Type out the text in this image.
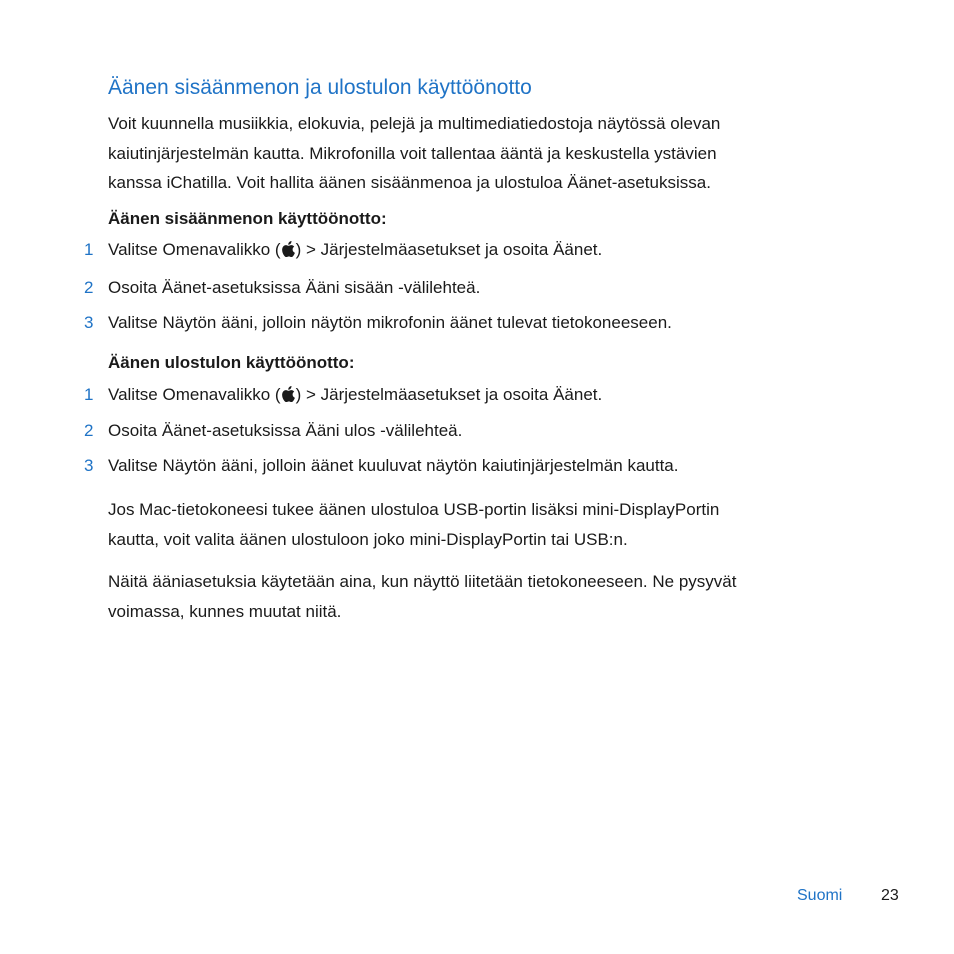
Äänen sisäänmenon ja ulostulon käyttöönotto

Voit kuunnella musiikkia, elokuvia, pelejä ja multimediatiedostoja näytössä olevan
kaiutinjärjestelmän kautta. Mikrofonilla voit tallentaa ääntä ja keskustella ystävien
kanssa iChatilla. Voit hallita äänen sisäänmenoa ja ulostuloa Äänet-asetuksissa.

Äänen sisäänmenon käyttöönotto:
1 Valitse Omenavalikko ( ) > Järjestelmäasetukset ja osoita Äänet.
2 Osoita Äänet-asetuksissa Ääni sisään -välilehteä.
3 Valitse Näytön ääni, jolloin näytön mikrofonin äänet tulevat tietokoneeseen.
Äänen ulostulon käyttöönotto:
1 Valitse Omenavalikko ( ) > Järjestelmäasetukset ja osoita Äänet.
2 Osoita Äänet-asetuksissa Ääni ulos -välilehteä.
3 Valitse Näytön ääni, jolloin äänet kuuluvat näytön kaiutinjärjestelmän kautta.

Jos Mac-tietokoneesi tukee äänen ulostuloa USB-portin lisäksi mini-DisplayPortin
kautta, voit valita äänen ulostuloon joko mini-DisplayPortin tai USB:n.

Näitä ääniasetuksia käytetään aina, kun näyttö liitetään tietokoneeseen. Ne pysyvät
voimassa, kunnes muutat niitä.

Suomi 23
